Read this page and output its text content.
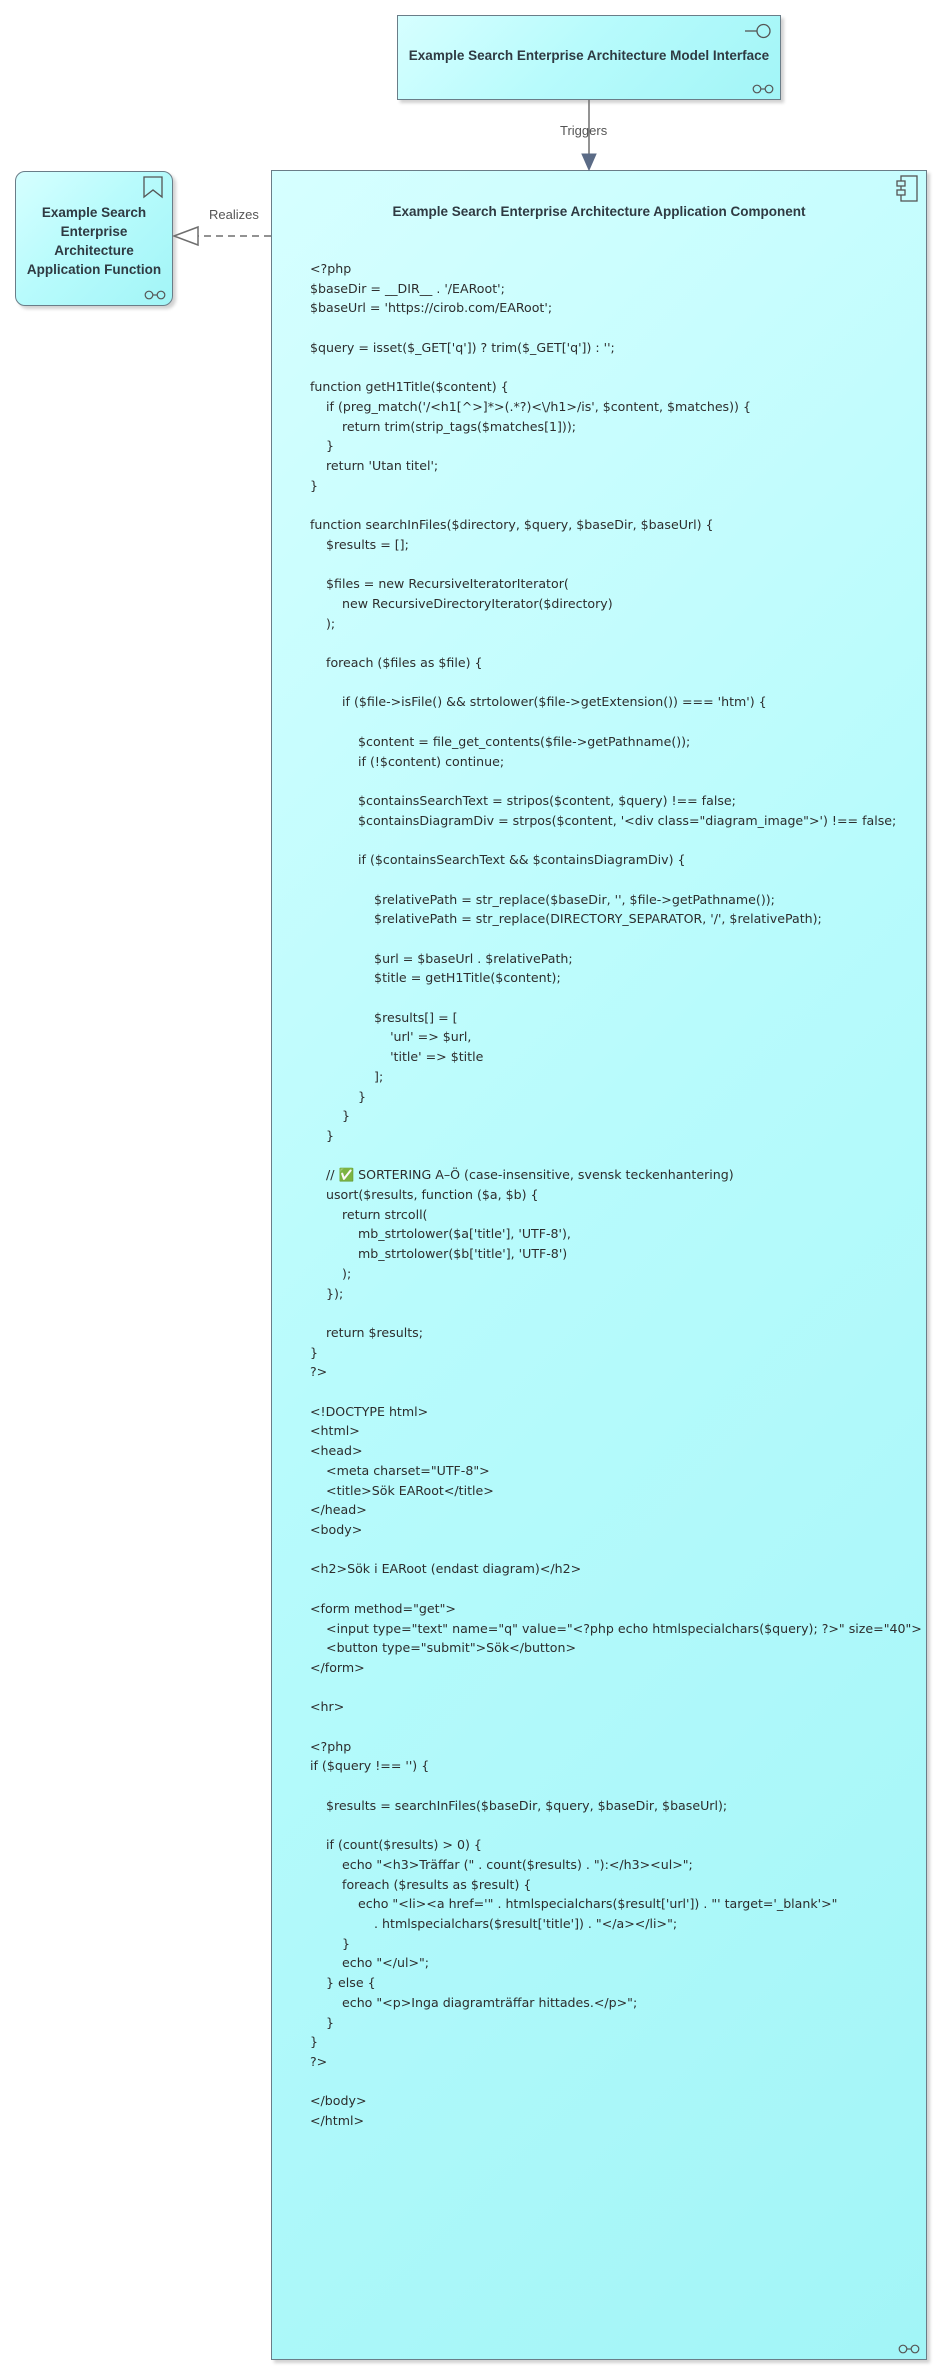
Example Search Enterprise Architecture Model Interface
Example Search Enterprise Architecture Application Function
Example Search Enterprise Architecture Application Component
<?php
$baseDir = __DIR__ . '/EARoot';
$baseUrl = 'https://cirob.com/EARoot';

$query = isset($_GET['q']) ? trim($_GET['q']) : '';

function getH1Title($content) {
if (preg_match('/<h1[^>]*>(.*?)<\/h1>/is', $content, $matches)) {
return trim(strip_tags($matches[1]));
}
return 'Utan titel';
}

function searchInFiles($directory, $query, $baseDir, $baseUrl) {
$results = [];

$files = new RecursiveIteratorIterator(
new RecursiveDirectoryIterator($directory)
);

foreach ($files as $file) {

if ($file->isFile() && strtolower($file->getExtension()) === 'htm') {

$content = file_get_contents($file->getPathname());
if (!$content) continue;

$containsSearchText = stripos($content, $query) !== false;
$containsDiagramDiv = strpos($content, '<div class="diagram_image">') !== false;

if ($containsSearchText && $containsDiagramDiv) {

$relativePath = str_replace($baseDir, '', $file->getPathname());
$relativePath = str_replace(DIRECTORY_SEPARATOR, '/', $relativePath);

$url = $baseUrl . $relativePath;
$title = getH1Title($content);

$results[] = [
'url' => $url,
'title' => $title
];
}
}
}

// ✅ SORTERING A–Ö (case-insensitive, svensk teckenhantering)
usort($results, function ($a, $b) {
return strcoll(
mb_strtolower($a['title'], 'UTF-8'),
mb_strtolower($b['title'], 'UTF-8')
);
});

return $results;
}
?>

<!DOCTYPE html>
<html>
<head>
<meta charset="UTF-8">
<title>Sök EARoot</title>
</head>
<body>

<h2>Sök i EARoot (endast diagram)</h2>

<form method="get">
<input type="text" name="q" value="<?php echo htmlspecialchars($query); ?>" size="40">
<button type="submit">Sök</button>
</form>

<hr>

<?php
if ($query !== '') {

$results = searchInFiles($baseDir, $query, $baseDir, $baseUrl);

if (count($results) > 0) {
echo "<h3>Träffar (" . count($results) . "):</h3><ul>";
foreach ($results as $result) {
echo "<li><a href='" . htmlspecialchars($result['url']) . "' target='_blank'>"
. htmlspecialchars($result['title']) . "</a></li>";
}
echo "</ul>";
} else {
echo "<p>Inga diagramträffar hittades.</p>";
}
}
?>

</body>
</html>
Triggers
Realizes
